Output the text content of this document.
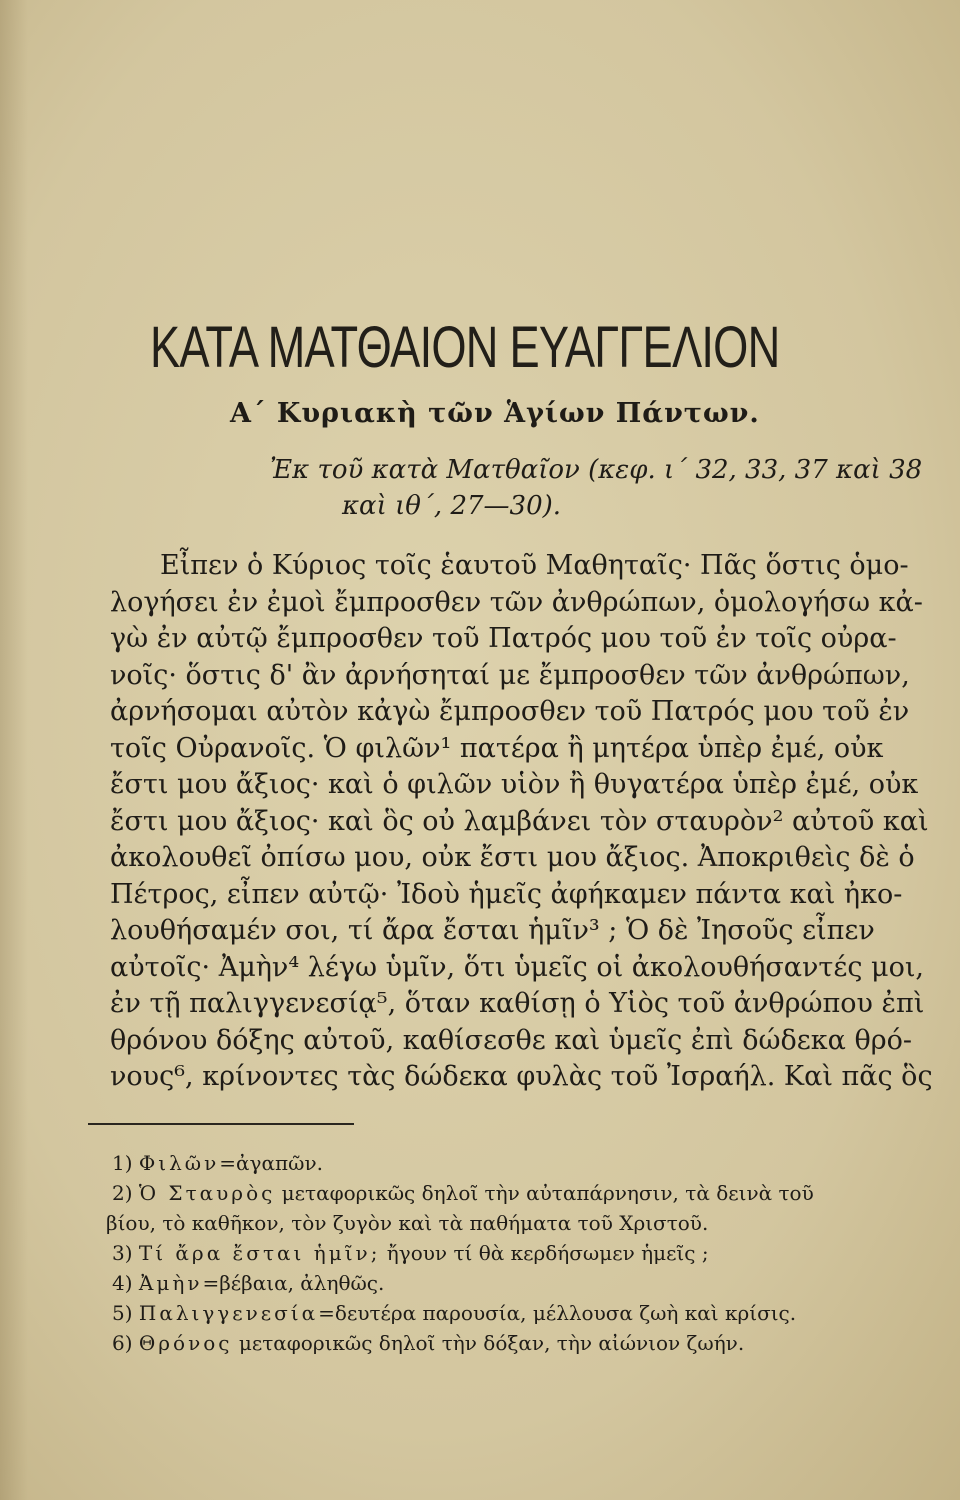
ΚΑΤΑ ΜΑΤΘΑΙΟΝ ΕΥΑΓΓΕΛΙΟΝ
Α΄ Κυριακὴ τῶν Ἁγίων Πάντων.
Ἐκ τοῦ κατὰ Ματθαῖον (κεφ. ι΄ 32, 33, 37 καὶ 38
καὶ ιθ΄, 27—30).
Εἶπεν ὁ Κύριος τοῖς ἑαυτοῦ Μαθηταῖς· Πᾶς ὅστις ὁμο-
λογήσει ἐν ἐμοὶ ἔμπροσθεν τῶν ἀνθρώπων, ὁμολογήσω κἀ-
γὼ ἐν αὐτῷ ἔμπροσθεν τοῦ Πατρός μου τοῦ ἐν τοῖς οὐρα-
νοῖς· ὅστις δ' ἂν ἀρνήσηταί με ἔμπροσθεν τῶν ἀνθρώπων,
ἀρνήσομαι αὐτὸν κἀγὼ ἔμπροσθεν τοῦ Πατρός μου τοῦ ἐν
τοῖς Οὐρανοῖς. Ὁ φιλῶν¹ πατέρα ἢ μητέρα ὑπὲρ ἐμέ, οὐκ
ἔστι μου ἄξιος· καὶ ὁ φιλῶν υἱὸν ἢ θυγατέρα ὑπὲρ ἐμέ, οὐκ
ἔστι μου ἄξιος· καὶ ὃς οὐ λαμβάνει τὸν σταυρὸν² αὐτοῦ καὶ
ἀκολουθεῖ ὀπίσω μου, οὐκ ἔστι μου ἄξιος. Ἀποκριθεὶς δὲ ὁ
Πέτρος, εἶπεν αὐτῷ· Ἰδοὺ ἡμεῖς ἀφήκαμεν πάντα καὶ ἠκο-
λουθήσαμέν σοι, τί ἄρα ἔσται ἡμῖν³ ; Ὁ δὲ Ἰησοῦς εἶπεν
αὐτοῖς· Ἀμὴν⁴ λέγω ὑμῖν, ὅτι ὑμεῖς οἱ ἀκολουθήσαντές μοι,
ἐν τῇ παλιγγενεσίᾳ⁵, ὅταν καθίσῃ ὁ Υἱὸς τοῦ ἀνθρώπου ἐπὶ
θρόνου δόξης αὐτοῦ, καθίσεσθε καὶ ὑμεῖς ἐπὶ δώδεκα θρό-
νους⁶, κρίνοντες τὰς δώδεκα φυλὰς τοῦ Ἰσραήλ. Καὶ πᾶς ὃς
1) Φιλῶν=ἀγαπῶν.
2) Ὁ Σταυρὸς μεταφορικῶς δηλοῖ τὴν αὐταπάρνησιν, τὰ δεινὰ τοῦ
βίου, τὸ καθῆκον, τὸν ζυγὸν καὶ τὰ παθήματα τοῦ Χριστοῦ.
3) Τί ἄρα ἔσται ἡμῖν; ἤγουν τί θὰ κερδήσωμεν ἡμεῖς ;
4) Ἀμὴν=βέβαια, ἀληθῶς.
5) Παλιγγενεσία=δευτέρα παρουσία, μέλλουσα ζωὴ καὶ κρίσις.
6) Θρόνος μεταφορικῶς δηλοῖ τὴν δόξαν, τὴν αἰώνιον ζωήν.
